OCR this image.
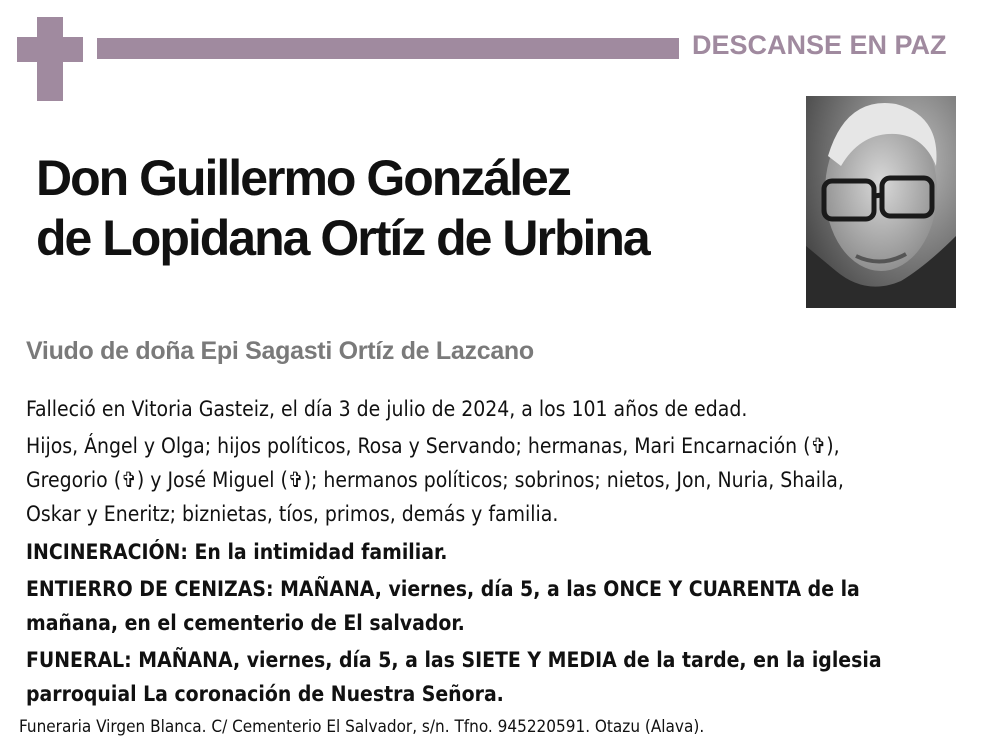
DESCANSE EN PAZ
Don Guillermo González
de Lopidana Ortíz de Urbina
Viudo de doña Epi Sagasti Ortíz de Lazcano
Falleció en Vitoria Gasteiz, el día 3 de julio de 2024, a los 101 años de edad.
Hijos, Ángel y Olga; hijos políticos, Rosa y Servando; hermanas, Mari Encarnación (✞),
Gregorio (✞) y José Miguel (✞); hermanos políticos; sobrinos; nietos, Jon, Nuria, Shaila,
Oskar y Eneritz; biznietas, tíos, primos, demás y familia.
INCINERACIÓN: En la intimidad familiar.
ENTIERRO DE CENIZAS: MAÑANA, viernes, día 5, a las ONCE Y CUARENTA de la
mañana, en el cementerio de El salvador.
FUNERAL: MAÑANA, viernes, día 5, a las SIETE Y MEDIA de la tarde, en la iglesia
parroquial La coronación de Nuestra Señora.
Funeraria Virgen Blanca. C/ Cementerio El Salvador, s/n. Tfno. 945220591. Otazu (Alava).
